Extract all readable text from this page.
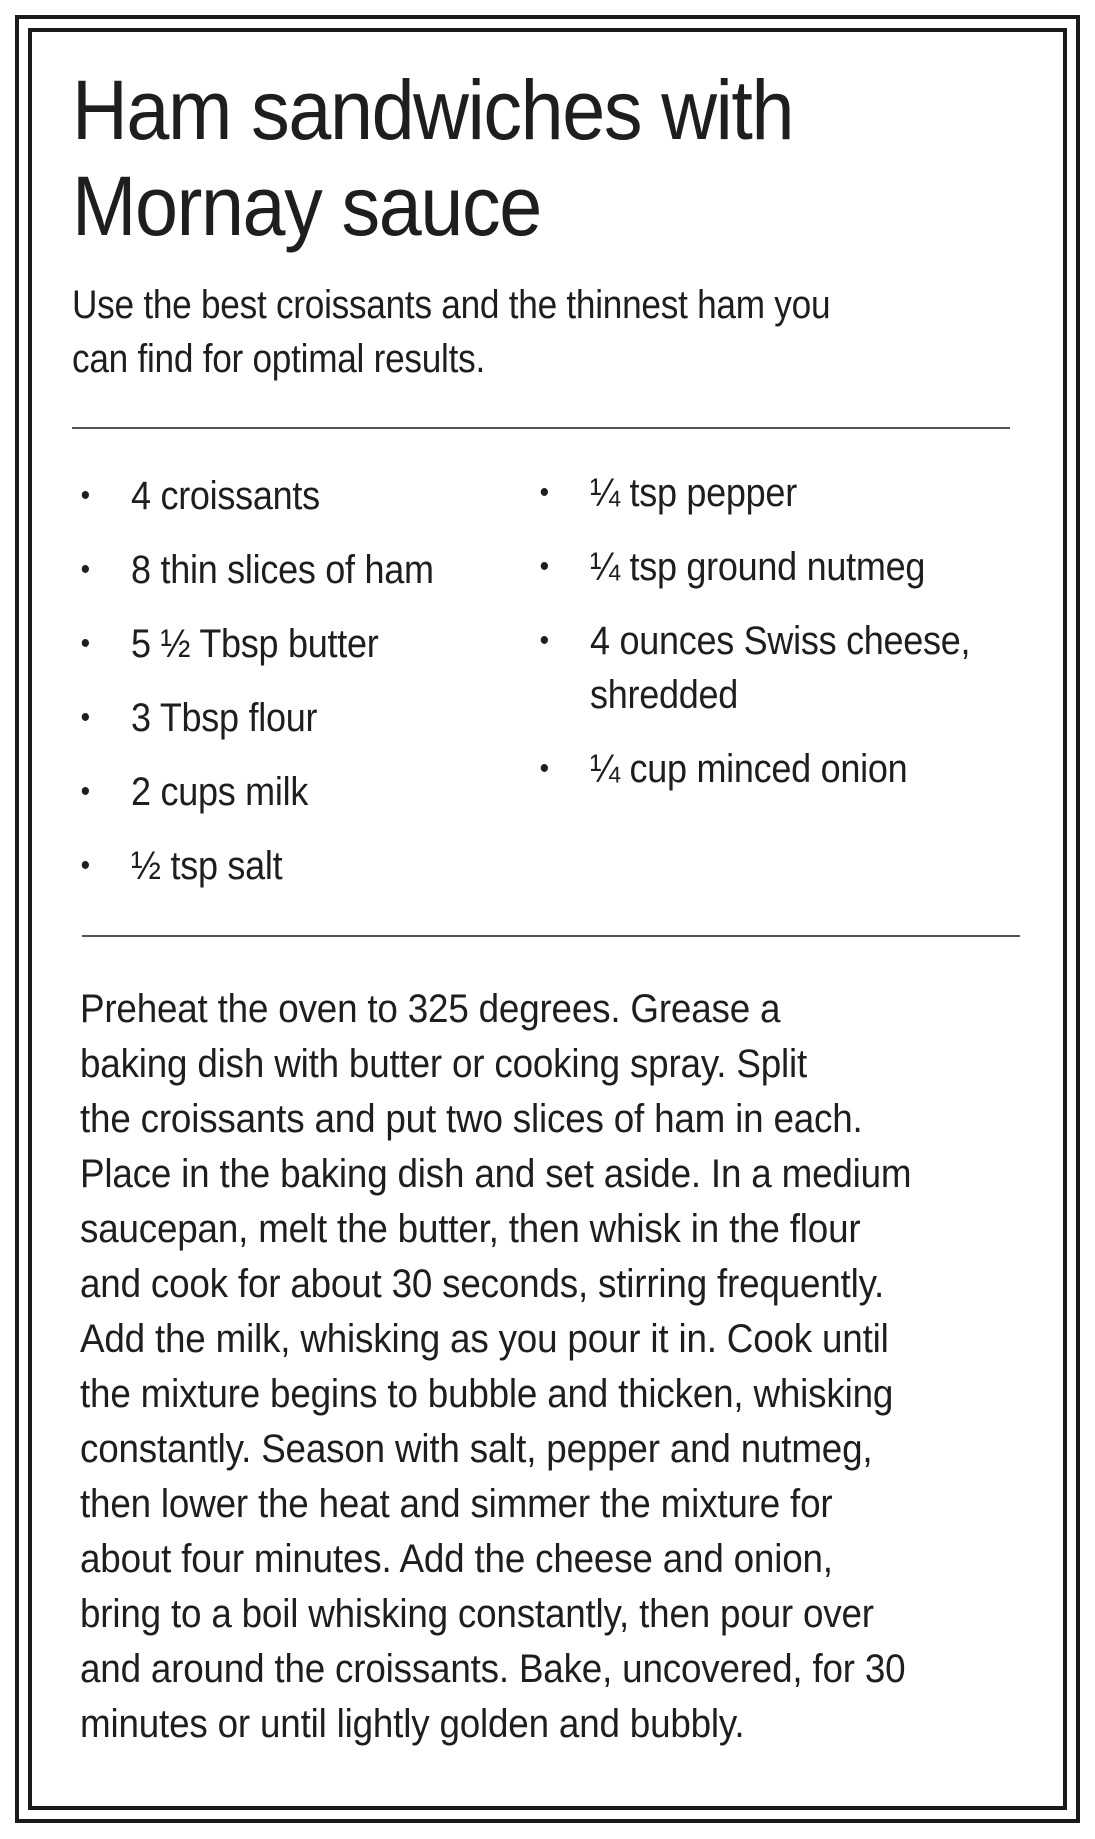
Ham sandwiches with
Mornay sauce

Use the best croissants and the thinnest ham you
can find for optimal results.

• 4 croissants
• 8 thin slices of ham
• 5 ½ Tbsp butter
• 3 Tbsp flour
• 2 cups milk
• ½ tsp salt
• ¼ tsp pepper
• ¼ tsp ground nutmeg
• 4 ounces Swiss cheese, shredded
• ¼ cup minced onion

Preheat the oven to 325 degrees. Grease a
baking dish with butter or cooking spray. Split
the croissants and put two slices of ham in each.
Place in the baking dish and set aside. In a medium
saucepan, melt the butter, then whisk in the flour
and cook for about 30 seconds, stirring frequently.
Add the milk, whisking as you pour it in. Cook until
the mixture begins to bubble and thicken, whisking
constantly. Season with salt, pepper and nutmeg,
then lower the heat and simmer the mixture for
about four minutes. Add the cheese and onion,
bring to a boil whisking constantly, then pour over
and around the croissants. Bake, uncovered, for 30
minutes or until lightly golden and bubbly.
